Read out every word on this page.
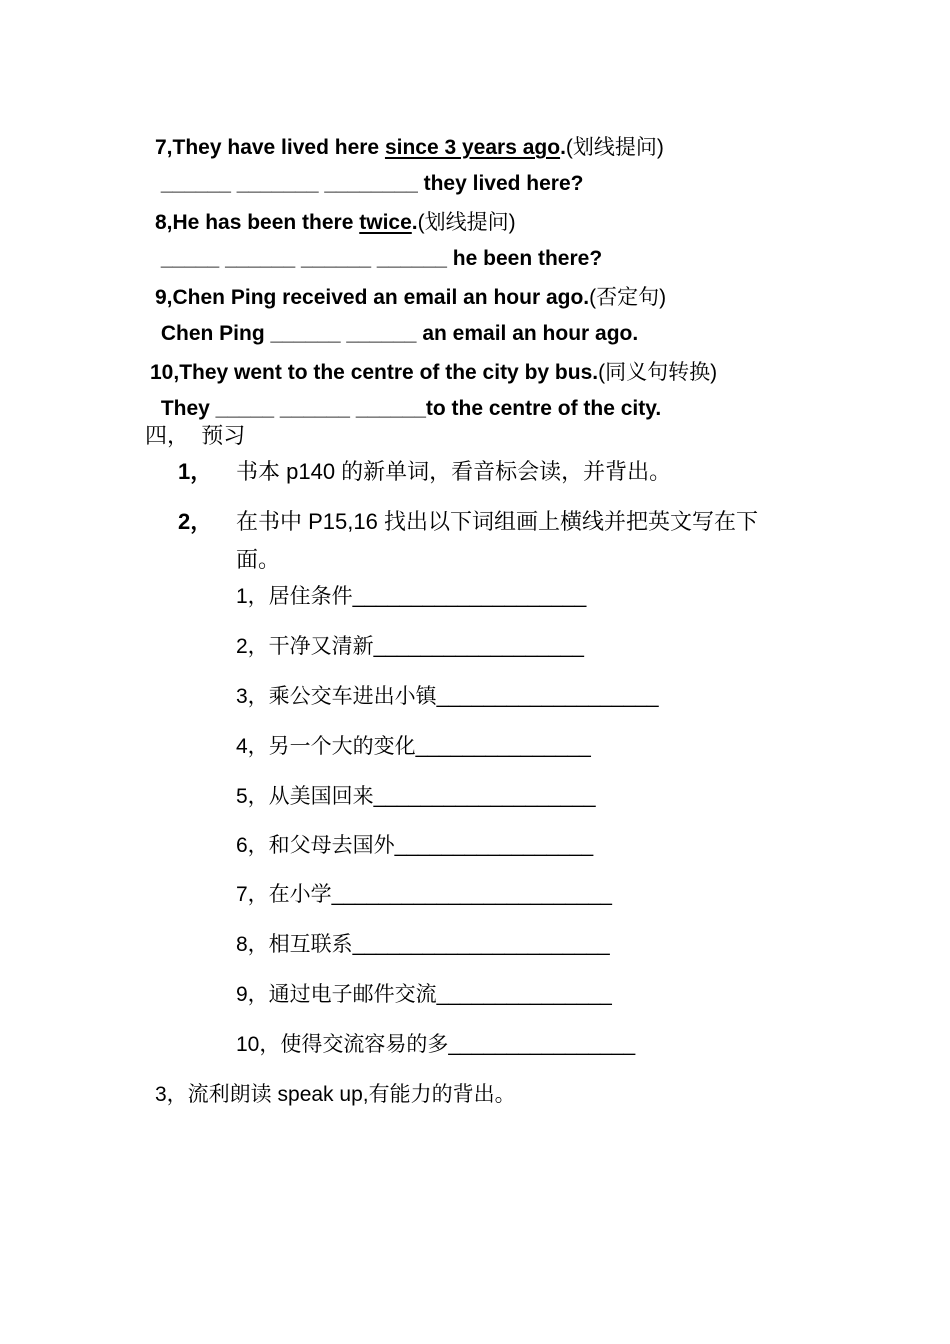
7,They have lived here since 3 years ago.(划线提问)
______ _______ ________ they lived here?
8,He has been there twice.(划线提问)
_____ ______ ______ ______ he been there?
9,Chen Ping received an email an hour ago.(否定句)
Chen Ping ______ ______ an email an hour ago.
10,They went to the centre of the city by bus.(同义句转换)
They _____ ______ ______to the centre of the city.
四，  预习
1， 书本 p140 的新单词，看音标会读，并背出。
2， 在书中 P15,16 找出以下词组画上横线并把英文写在下
面。
1，居住条件____________________
2，干净又清新__________________
3，乘公交车进出小镇___________________
4，另一个大的变化_______________
5，从美国回来___________________
6，和父母去国外_________________
7，在小学________________________
8，相互联系______________________
9，通过电子邮件交流_______________
10，使得交流容易的多________________
3，流利朗读 speak up,有能力的背出。
